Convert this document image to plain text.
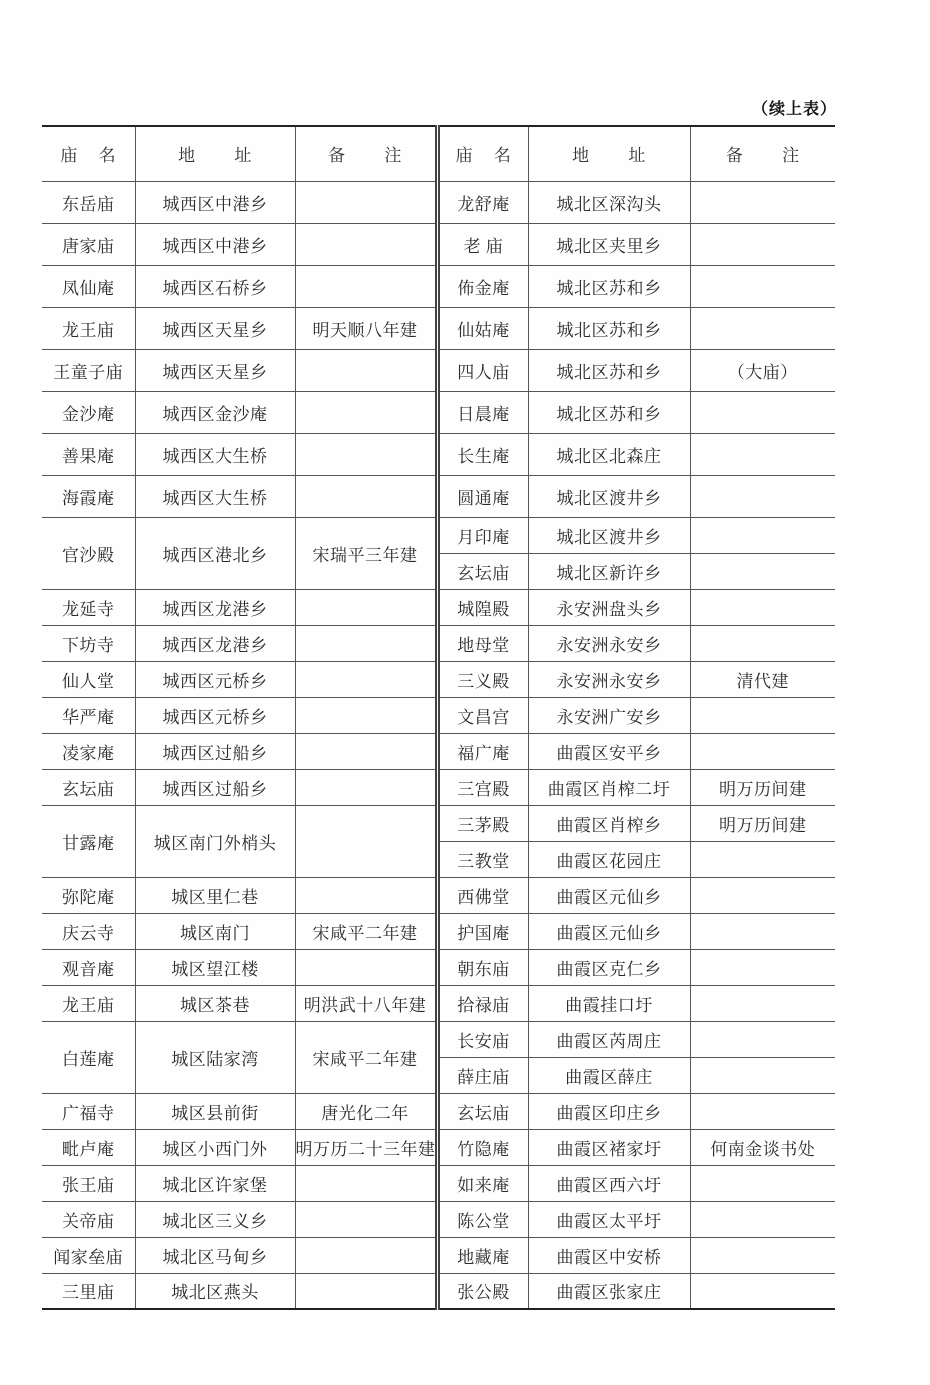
（续上表）
庙 名	地 址	备 注	庙 名	地 址	备 注
东岳庙	城西区中港乡		龙舒庵	城北区深沟头	
唐家庙	城西区中港乡		老 庙	城北区夹里乡	
凤仙庵	城西区石桥乡		佈金庵	城北区苏和乡	
龙王庙	城西区天星乡	明天顺八年建	仙姑庵	城北区苏和乡	
王童子庙	城西区天星乡		四人庙	城北区苏和乡	（大庙）
金沙庵	城西区金沙庵		日晨庵	城北区苏和乡	
善果庵	城西区大生桥		长生庵	城北区北森庄	
海霞庵	城西区大生桥		圆通庵	城北区渡井乡	
官沙殿	城西区港北乡	宋瑞平三年建	月印庵	城北区渡井乡	
			玄坛庙	城北区新许乡	
龙延寺	城西区龙港乡		城隍殿	永安洲盘头乡	
下坊寺	城西区龙港乡		地母堂	永安洲永安乡	
仙人堂	城西区元桥乡		三义殿	永安洲永安乡	清代建
华严庵	城西区元桥乡		文昌宫	永安洲广安乡	
凌家庵	城西区过船乡		福广庵	曲霞区安平乡	
玄坛庙	城西区过船乡		三宫殿	曲霞区肖榨二圩	明万历间建
甘露庵	城区南门外梢头		三茅殿	曲霞区肖榨乡	明万历间建
			三教堂	曲霞区花园庄	
弥陀庵	城区里仁巷		西佛堂	曲霞区元仙乡	
庆云寺	城区南门	宋咸平二年建	护国庵	曲霞区元仙乡	
观音庵	城区望江楼		朝东庙	曲霞区克仁乡	
龙王庙	城区茶巷	明洪武十八年建	拾禄庙	曲霞挂口圩	
白莲庵	城区陆家湾	宋咸平二年建	长安庙	曲霞区芮周庄	
			薛庄庙	曲霞区薛庄	
广福寺	城区县前街	唐光化二年	玄坛庙	曲霞区印庄乡	
毗卢庵	城区小西门外	明万历二十三年建	竹隐庵	曲霞区褚家圩	何南金谈书处
张王庙	城北区许家堡		如来庵	曲霞区西六圩	
关帝庙	城北区三义乡		陈公堂	曲霞区太平圩	
闻家垒庙	城北区马甸乡		地藏庵	曲霞区中安桥	
三里庙	城北区燕头		张公殿	曲霞区张家庄	
